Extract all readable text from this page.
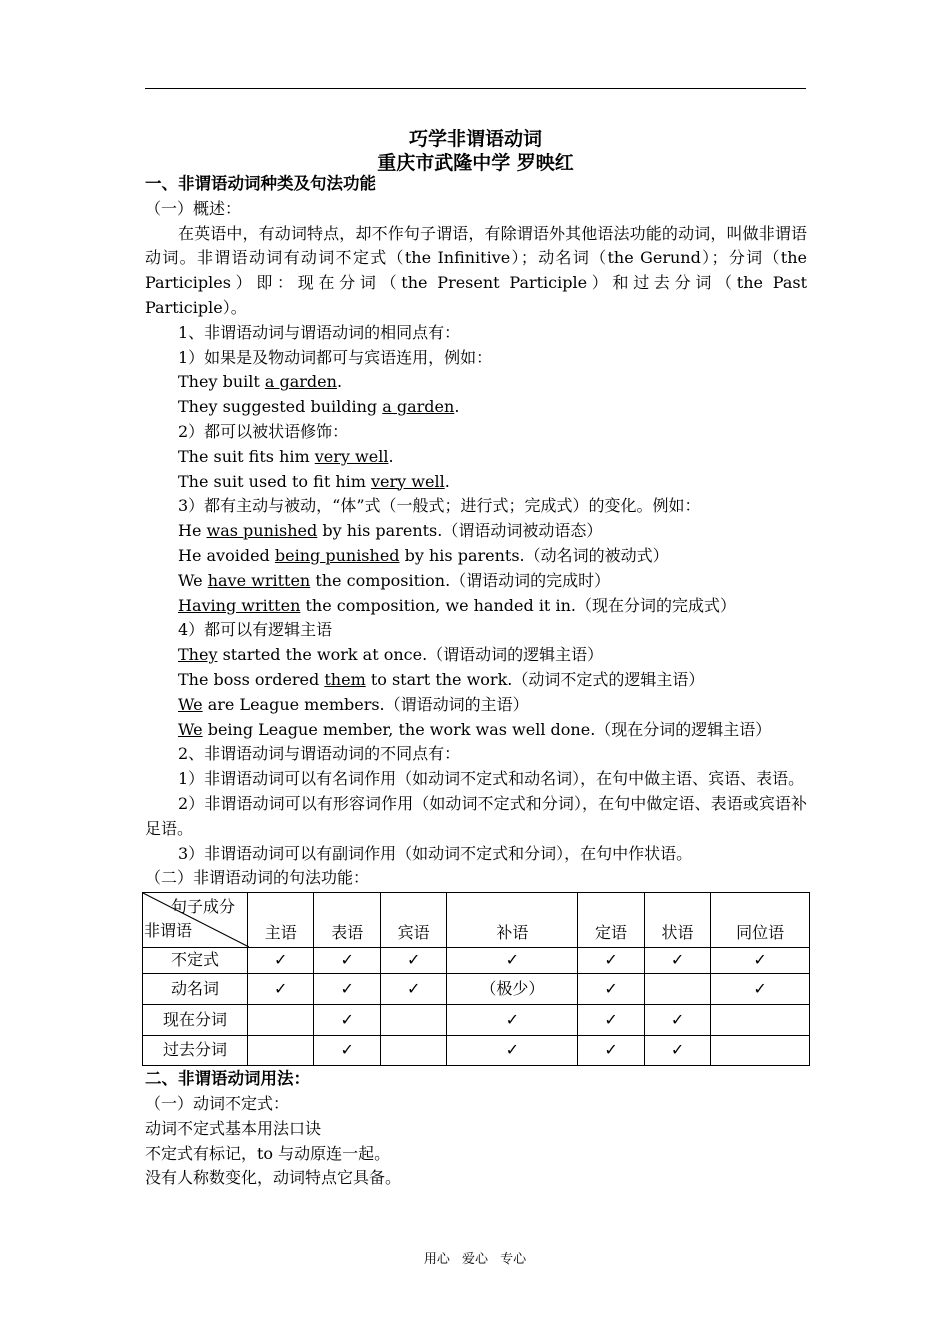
巧学非谓语动词
重庆市武隆中学 罗映红

一、非谓语动词种类及句法功能

（一）概述：

在英语中，有动词特点，却不作句子谓语，有除谓语外其他语法功能的动词，叫做非谓语动词。非谓语动词有动词不定式（the Infinitive）；动名词（the Gerund）；分词（the Participles）即：现在分词（the Present Participle）和过去分词（the Past Participle）。

1、非谓语动词与谓语动词的相同点有：

1）如果是及物动词都可与宾语连用，例如：

They built a garden.

They suggested building a garden.

2）都可以被状语修饰：

The suit fits him very well.

The suit used to fit him very well.

3）都有主动与被动，“体”式（一般式；进行式；完成式）的变化。例如：

He was punished by his parents.（谓语动词被动语态）

He avoided being punished by his parents.（动名词的被动式）

We have written the composition.（谓语动词的完成时）

Having written the composition, we handed it in.（现在分词的完成式）

4）都可以有逻辑主语

They started the work at once.（谓语动词的逻辑主语）

The boss ordered them to start the work.（动词不定式的逻辑主语）

We are League members.（谓语动词的主语）

We being League member, the work was well done.（现在分词的逻辑主语）

2、非谓语动词与谓语动词的不同点有：

1）非谓语动词可以有名词作用（如动词不定式和动名词），在句中做主语、宾语、表语。

2）非谓语动词可以有形容词作用（如动词不定式和分词），在句中做定语、表语或宾语补足语。

3）非谓语动词可以有副词作用（如动词不定式和分词），在句中作状语。

（二）非谓语动词的句法功能：

句子成分
非谓语	主语	表语	宾语	补语	定语	状语	同位语
不定式	✓	✓	✓	✓	✓	✓	✓
动名词	✓	✓	✓	（极少）	✓		✓
现在分词		✓		✓	✓	✓	
过去分词		✓		✓	✓	✓	

二、非谓语动词用法：

（一）动词不定式：

动词不定式基本用法口诀

不定式有标记，to 与动原连一起。

没有人称数变化，动词特点它具备。

用心 爱心 专心
